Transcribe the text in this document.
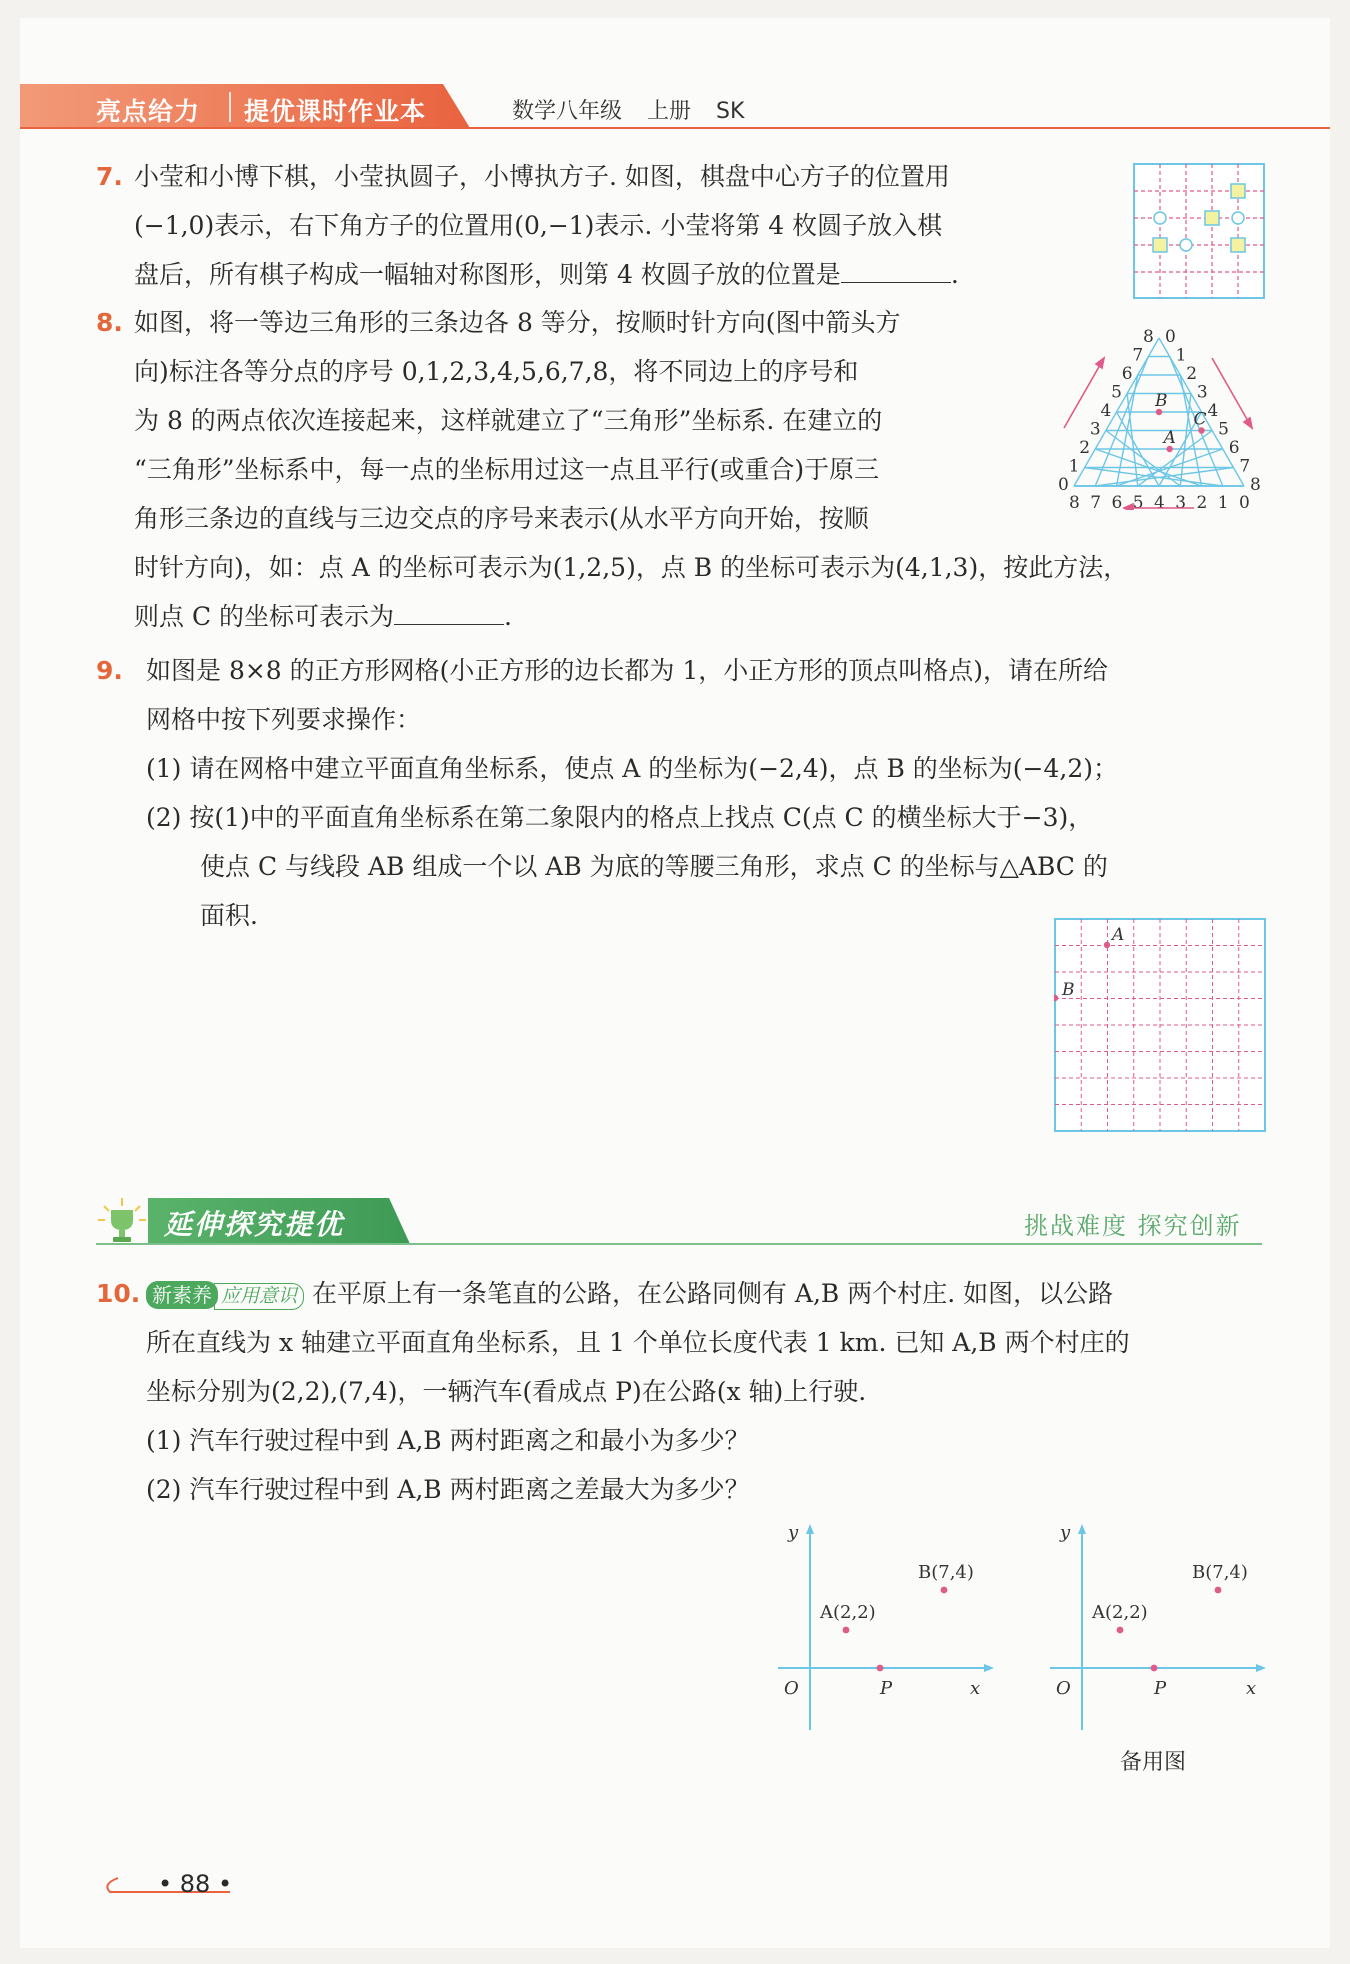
亮点给力 提优课时作业本	数学八年级 上册 SK
7. 小莹和小博下棋，小莹执圆子，小博执方子. 如图，棋盘中心方子的位置用
(−1,0)表示，右下角方子的位置用(0,−1)表示. 小莹将第 4 枚圆子放入棋
盘后，所有棋子构成一幅轴对称图形，则第 4 枚圆子放的位置是	.
8. 如图，将一等边三角形的三条边各 8 等分，按顺时针方向(图中箭头方
向)标注各等分点的序号 0,1,2,3,4,5,6,7,8，将不同边上的序号和
为 8 的两点依次连接起来，这样就建立了“三角形”坐标系. 在建立的
“三角形”坐标系中，每一点的坐标用过这一点且平行(或重合)于原三
角形三条边的直线与三边交点的序号来表示(从水平方向开始，按顺
时针方向)，如：点 A 的坐标可表示为(1,2,5)，点 B 的坐标可表示为(4,1,3)，按此方法，
则点 C 的坐标可表示为	.
0
0
8
1
1
7
2
2
6
3
3
5
4	4
4
5
5
3
6
6
2
7
7
1
8
8
0
A
B
C
9. 如图是 8×8 的正方形网格(小正方形的边长都为 1，小正方形的顶点叫格点)，请在所给
网格中按下列要求操作：
(1) 请在网格中建立平面直角坐标系，使点 A 的坐标为(−2,4)，点 B 的坐标为(−4,2)；
(2) 按(1)中的平面直角坐标系在第二象限内的格点上找点 C(点 C 的横坐标大于−3)，
使点 C 与线段 AB 组成一个以 AB 为底的等腰三角形，求点 C 的坐标与△ABC 的
面积.
A
B
延伸探究提优	挑战难度 探究创新
10. 新素养 应用意识 在平原上有一条笔直的公路，在公路同侧有 A,B 两个村庄. 如图，以公路
所在直线为 x 轴建立平面直角坐标系，且 1 个单位长度代表 1 km. 已知 A,B 两个村庄的
坐标分别为(2,2),(7,4)，一辆汽车(看成点 P)在公路(x 轴)上行驶.
(1) 汽车行驶过程中到 A,B 两村距离之和最小为多少？
(2) 汽车行驶过程中到 A,B 两村距离之差最大为多少？
y
x
O	P
A(2,2)
B(7,4)
y
x
O	P
A(2,2)
B(7,4)
备用图
• 88 •
